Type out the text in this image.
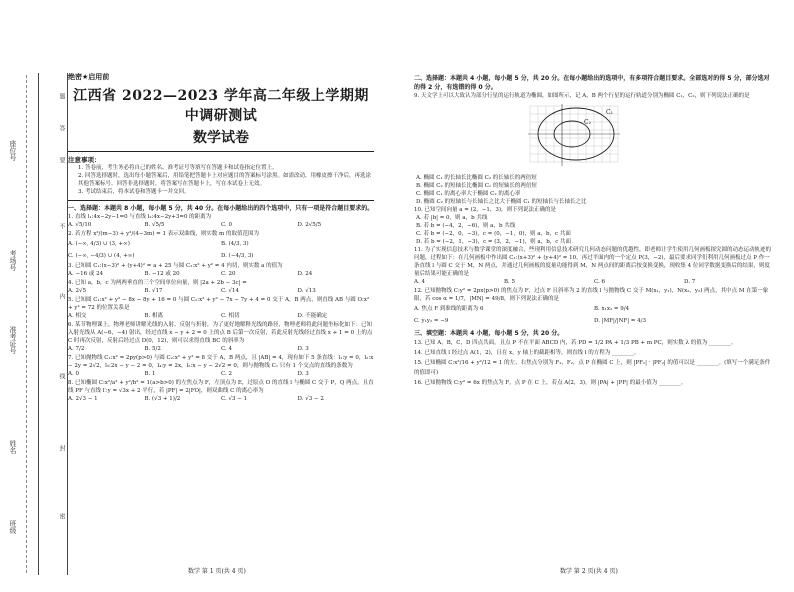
题
答
要
不
内
线
封
密
座位号
考场号
准考证号
姓名
班级
绝密★启用前
江西省 2022—2023 学年高二年级上学期期中调研测试
数学试卷
注意事项：
1. 答卷前，考生务必将自己的姓名、准考证号等填写在答题卡和试卷指定位置上。
2. 回答选择题时，选出每小题答案后，用铅笔把答题卡上对应题目的答案标号涂黑。如需改动，用橡皮擦干净后，再选涂其他答案标号。回答非选择题时，将答案写在答题卡上，写在本试卷上无效。
3. 考试结束后，将本试卷和答题卡一并交回。
一、选择题：本题共 8 小题，每小题 5 分，共 40 分。在每小题给出的四个选项中，只有一项是符合题目要求的。
1. 直线 l₁:4x−2y−1=0 与直线 l₂:4x−2y+3=0 的距离为
A. √5/10	B. √5/5	C. 0	D. 2√5/5
2. 若方程 x²/(m−3) + y²/(4−3m) = 1 表示双曲线，则实数 m 的取值范围为
A. (−∞, 4/3) ∪ (3, +∞)	B. (4/3, 3)
C. (−∞, −4/3) ∪ (4, +∞)	D. (−4/3, 3)
3. 已知圆 C₁:(x−3)² + (y+4)² = a + 25 与圆 C₂:x² + y² = 4 内切，则实数 a 的值为
A. −16 或 24	B. −12 或 20	C. 20	D. 24
4. 已知 a，b，c 为两两垂直的三个空间单位向量，则 |2a + 2b − 3c| =
A. 2√5	B. √17	C. √14	D. √13
5. 已知圆 C₁:x² + y² − 8x − 8y + 16 = 0 与圆 C₂:x² + y² − 7x − 7y + 4 = 0 交于 A，B 两点，则直线 AB 与圆 O:x² + y² = 72 的位置关系是
A. 相交	B. 相离	C. 相切	D. 不能确定
6. 某节物理课上，物理老师讲解光线的入射、反射与折射，为了更好地解释光线的路径，物理老师将此问题坐标化如下：已知入射光线从 A(−6，−4) 射出，经过直线 x − y + 2 = 0 上的点 B 后第一次反射，若此反射光线经过直线 x + 1 = 0 上的点 C 时再次反射，反射后经过点 D(0，12)，则可以求得直线 BC 的斜率为
A. 7/2	B. 5/2	C. 4	D. 3
7. 已知抛物线 C₁:x² = 2py(p>0) 与圆 C₂:x² + y² = 8 交于 A，B 两点，且 |AB| = 4，现有如下 5 条直线：l₁:y = 0，l₂:x − 2y = 2√2，l₃:2x − y − 2 = 0，l₄:y = 2x，l₅:x − y − 2√2 = 0，则与抛物线 C₁ 只有 1 个交点的直线的条数为
A. 0	B. 1	C. 2	D. 3
8. 已知椭圆 C:x²/a² + y²/b² = 1(a>b>0) 的左焦点为 F，左顶点为 E，过原点 O 的直线 l 与椭圆 C 交于 P，Q 两点，且直线 PF 与直线 l′:y = √3x + 2 平行，若 |PF| = 2|FO|，则双曲线 C 的离心率为
A. 2√3 − 1	B. (√3 + 1)/2	C. √3 − 1	D. √3 − 2
数学 第 1 页(共 4 页)
二、选择题：本题共 4 小题，每小题 5 分，共 20 分。在每小题给出的选项中，有多项符合题目要求。全部选对的得 5 分，部分选对的得 2 分，有选错的得 0 分。
9. 天文学上可以大致认为部分行星的运行轨道为椭圆，如图所示，记 A，B 两个行星的运行轨道分别为椭圆 C₁，C₂，则下列说法正确的是
C₁
C₂
A. 椭圆 C₁ 的长轴长比椭圆 C₂ 的长轴长的两倍短
B. 椭圆 C₂ 的短轴长比椭圆 C₁ 的短轴长的两倍短
C. 椭圆 C₁ 的离心率大于椭圆 C₂ 的离心率
D. 椭圆 C₂ 的短轴长与长轴长之比大于椭圆 C₁ 的短轴长与长轴长之比
10. 已知空间向量 a = (2，−1，3)，则下列说法正确的是
A. 若 |b| = 0，则 a，b 共线
B. 若 b = (−4，2，−6)，则 a，b 共线
C. 若 b = (−2，0，−3)，c = (0，−1，0)，则 a，b，c 共面
D. 若 b = (−2，1，−3)，c = (3，2，−1)，则 a，b，c 共面
11. 为了实现信息技术与数学课堂的深度融合，些现利用信息技术研究几何动态问题的优越性，即老师让学生使用几何画板探究圆的动态运动轨迹的问题，过程如下：在几何画板中作出圆 C₁:(x+3)² + (y+4)² = 10，再过平面内的一个定点 P(3，−2)，最后要求同学们利用几何画板过点 P 作一条直线 l 与圆 C 交于 M，N 两点，并通过几何画板的度量功能得到 M，N 两点间的距离后按变换变换，现收集 4 位同学数据变换后的结果，则度量后结果可能正确的是
A. 4	B. 5	C. 6	D. 7
12. 已知抛物线 C:y² = 2px(p>0) 的焦点为 F，过点 F 且斜率为 2 的直线 l 与抛物线 C 交于 M(x₁，y₁)，N(x₂，y₂) 两点，其中点 M 在第一象限，若 cos α = 1/7，|MN| = 49/8，则下列说法正确的是
A. 焦点 F 到准线的距离为 6	B. x₁x₂ = 9/4
C. y₁y₂ = −9	D. |MF|/|NF| = 4/3
三、填空题：本题共 4 小题，每小题 5 分，共 20 分。
13. 已知 A，B，C，D 四点共面，且点 P 不在平面 ABCD 内，若 PD = 1/2 PA + 1/3 PB + m PC，则实数 λ 的值为 ________。
14. 已知直线 l 经过点 A(1，2)，且在 x，y 轴上的截距相等，则直线 l 的方程为 ________。
15. 已知椭圆 C:x²/16 + y²/12 = 1 的左、右焦点分别为 F₁，F₂，点 P 在椭圆 C 上，则 |PF₁| · |PF₂| 的值可以是 ________。(填写一个满足条件的值即可)
16. 已知抛物线 C:y² = 6x 的焦点为 F，点 P 在 C 上，若点 A(2，3)，则 |PA| + |PF| 的最小值为 ________。
数学 第 2 页(共 4 页)
